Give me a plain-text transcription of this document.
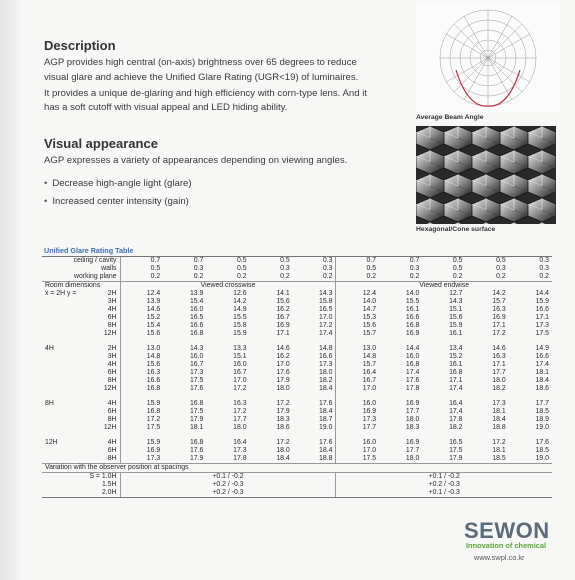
Description

AGP provides high central (on-axis) brightness over 65 degrees to reduce visual glare and achieve the Unified Glare Rating (UGR<19) of luminaires.

It provides a unique de-glaring and high efficiency with corn-type lens. And it has a soft cutoff with visual appeal and LED hiding ability.

Visual appearance
AGP expresses a variety of appearances depending on viewing angles.
• Decrease high-angle light (glare)
• Increased center intensity (gain)
Average Beam Angle
Hexagonal/Cone surface
Unified Glare Rating Table
ceiling / cavity		0.7	0.7	0.5	0.5	0.3	0.7	0.7	0.5	0.5	0.3
walls		0.5	0.3	0.5	0.3	0.3	0.5	0.3	0.5	0.3	0.3
working plane		0.2	0.2	0.2	0.2	0.2	0.2	0.2	0.2	0.2	0.2
Room dimensions		Viewed crosswise					Viewed endwise				
x = 2H y =	2H	12.4	13.9	12.6	14.1	14.3	12.4	14.0	12.7	14.2	14.4
	3H	13.9	15.4	14.2	15.6	15.8	14.0	15.5	14.3	15.7	15.9
	4H	14.6	16.0	14.9	16.2	16.5	14.7	16.1	15.1	16.3	16.6
	6H	15.2	16.5	15.5	16.7	17.0	15.3	16.6	15.6	16.9	17.1
	8H	15.4	16.6	15.8	16.9	17.2	15.6	16.8	15.9	17.1	17.3
	12H	15.6	16.8	15.9	17.1	17.4	15.7	16.9	16.1	17.2	17.5

4H	2H	13.0	14.3	13.3	14.6	14.8	13.0	14.4	13.4	14.6	14.9
	3H	14.8	16.0	15.1	16.2	16.6	14.8	16.0	15.2	16.3	16.6
	4H	15.6	16.7	16.0	17.0	17.3	15.7	16.8	16.1	17.1	17.4
	6H	16.3	17.3	16.7	17.6	18.0	16.4	17.4	16.8	17.7	18.1
	8H	16.6	17.5	17.0	17.9	18.2	16.7	17.6	17.1	18.0	18.4
	12H	16.8	17.6	17.2	18.0	18.4	17.0	17.8	17.4	18.2	18.6

8H	4H	15.9	16.8	16.3	17.2	17.6	16.0	16.9	16.4	17.3	17.7
	6H	16.8	17.5	17.2	17.9	18.4	16.9	17.7	17.4	18.1	18.5
	8H	17.2	17.9	17.7	18.3	18.7	17.3	18.0	17.8	18.4	18.9
	12H	17.5	18.1	18.0	18.6	19.0	17.7	18.3	18.2	18.8	19.0

12H	4H	15.9	16.8	16.4	17.2	17.6	16.0	16.9	16.5	17.2	17.6
	6H	16.9	17.6	17.3	18.0	18.4	17.0	17.7	17.5	18.1	18.5
	8H	17.3	17.9	17.8	18.4	18.8	17.5	18.0	17.9	18.5	19.0
Variation with the observer position at spacings											
S = 1.0H		+0.1 / -0.2					+0.1 / -0.2				
1.5H		+0.2 / -0.3					+0.2 / -0.3				
2.0H		+0.2 / -0.3					+0.1 / -0.3				
SEWON
Innovation of chemical
www.swpl.co.kr
